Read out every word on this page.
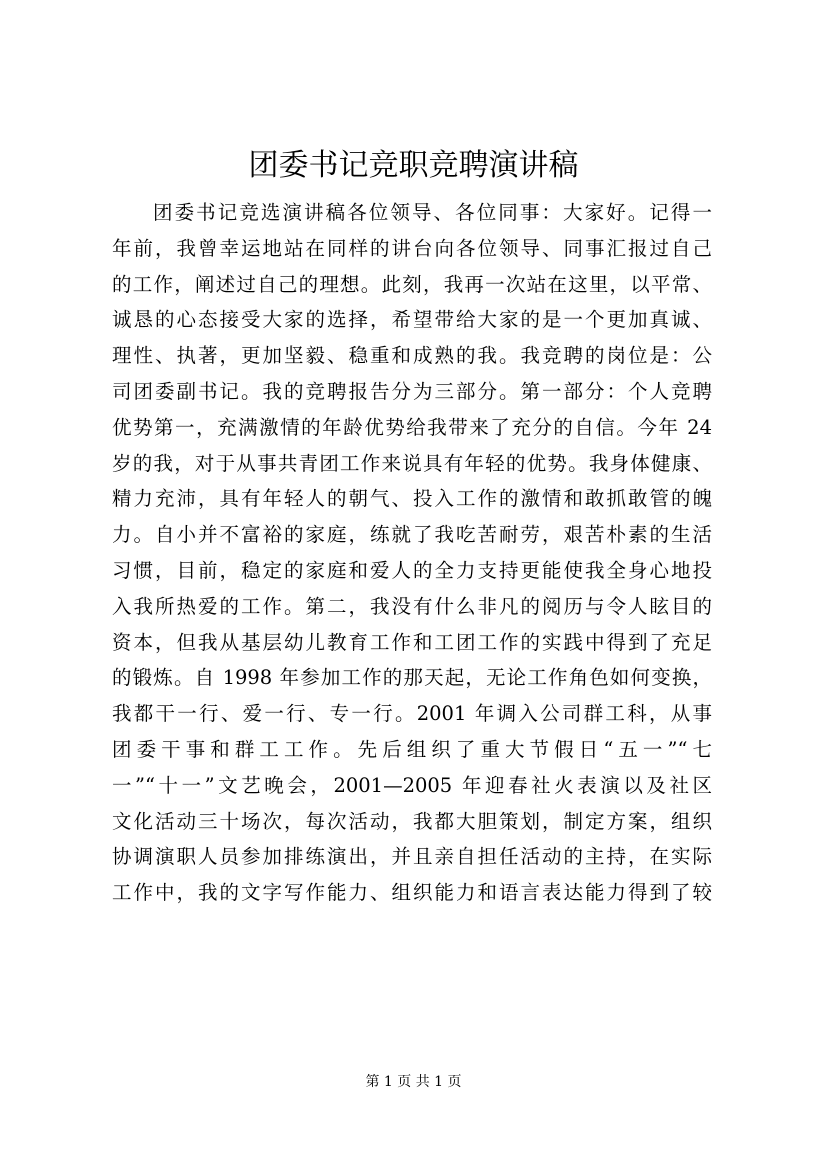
团委书记竞职竞聘演讲稿
团委书记竞选演讲稿各位领导、各位同事：大家好。记得一
年前，我曾幸运地站在同样的讲台向各位领导、同事汇报过自己
的工作，阐述过自己的理想。此刻，我再一次站在这里，以平常、
诚恳的心态接受大家的选择，希望带给大家的是一个更加真诚、
理性、执著，更加坚毅、稳重和成熟的我。我竞聘的岗位是：公
司团委副书记。我的竞聘报告分为三部分。第一部分：个人竞聘
优势第一，充满激情的年龄优势给我带来了充分的自信。今年 24
岁的我，对于从事共青团工作来说具有年轻的优势。我身体健康、
精力充沛，具有年轻人的朝气、投入工作的激情和敢抓敢管的魄
力。自小并不富裕的家庭，练就了我吃苦耐劳，艰苦朴素的生活
习惯，目前，稳定的家庭和爱人的全力支持更能使我全身心地投
入我所热爱的工作。第二，我没有什么非凡的阅历与令人眩目的
资本，但我从基层幼儿教育工作和工团工作的实践中得到了充足
的锻炼。自 1998 年参加工作的那天起，无论工作角色如何变换，
我都干一行、爱一行、专一行。2001 年调入公司群工科，从事
团委干事和群工工作。先后组织了重大节假日“五一”“七
一”“十一”文艺晚会，2001—2005 年迎春社火表演以及社区
文化活动三十场次，每次活动，我都大胆策划，制定方案，组织
协调演职人员参加排练演出，并且亲自担任活动的主持，在实际
工作中，我的文字写作能力、组织能力和语言表达能力得到了较
第 1 页 共 1 页
